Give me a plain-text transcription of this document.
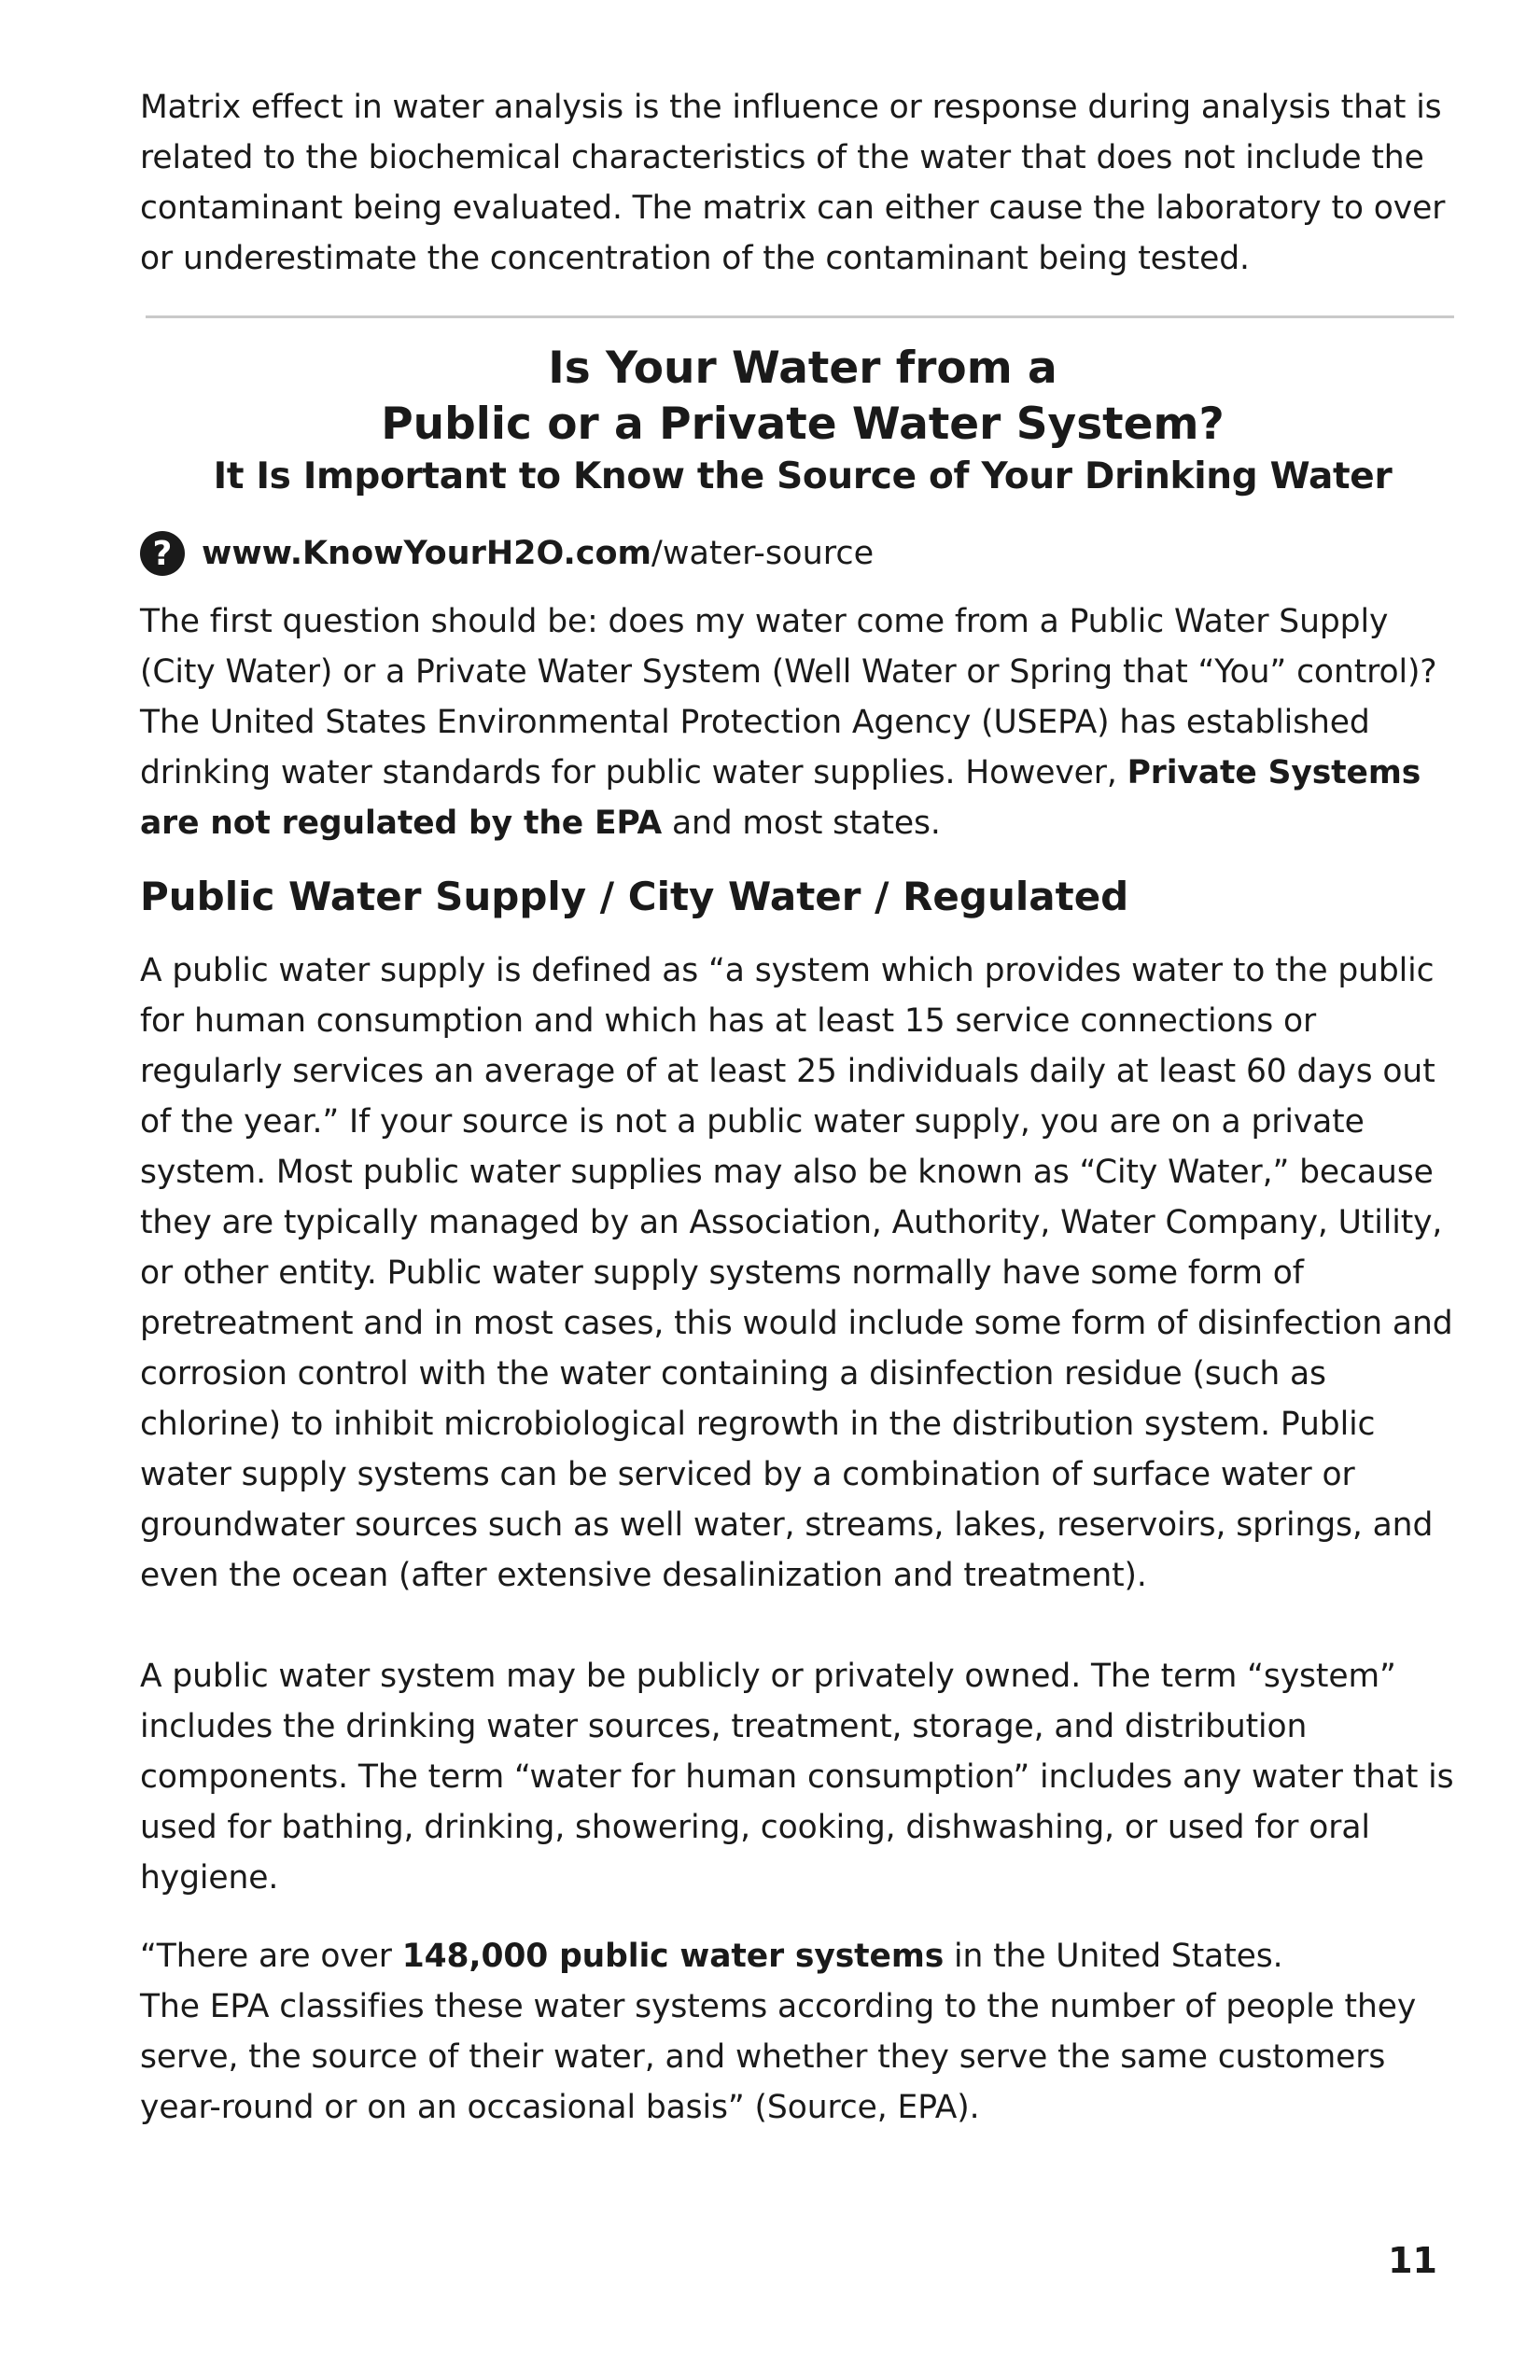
Matrix effect in water analysis is the influence or response during analysis that is related to the biochemical characteristics of the water that does not include the contaminant being evaluated. The matrix can either cause the laboratory to over or underestimate the concentration of the contaminant being tested.

Is Your Water from a
Public or a Private Water System?
It Is Important to Know the Source of Your Drinking Water
? www.KnowYourH2O.com /water-source

The first question should be: does my water come from a Public Water Supply (City Water) or a Private Water System (Well Water or Spring that “You” control)? The United States Environmental Protection Agency (USEPA) has established drinking water standards for public water supplies. However, Private Systems are not regulated by the EPA and most states.

Public Water Supply / City Water / Regulated

A public water supply is defined as “a system which provides water to the public for human consumption and which has at least 15 service connections or regularly services an average of at least 25 individuals daily at least 60 days out of the year.” If your source is not a public water supply, you are on a private system. Most public water supplies may also be known as “City Water,” because they are typically managed by an Association, Authority, Water Company, Utility, or other entity. Public water supply systems normally have some form of pretreatment and in most cases, this would include some form of disinfection and corrosion control with the water containing a disinfection residue (such as chlorine) to inhibit microbiological regrowth in the distribution system. Public water supply systems can be serviced by a combination of surface water or groundwater sources such as well water, streams, lakes, reservoirs, springs, and even the ocean (after extensive desalinization and treatment).

A public water system may be publicly or privately owned. The term “system” includes the drinking water sources, treatment, storage, and distribution components. The term “water for human consumption” includes any water that is used for bathing, drinking, showering, cooking, dishwashing, or used for oral hygiene.

“There are over 148,000 public water systems in the United States.
The EPA classifies these water systems according to the number of people they serve, the source of their water, and whether they serve the same customers year-round or on an occasional basis” (Source, EPA).

11
